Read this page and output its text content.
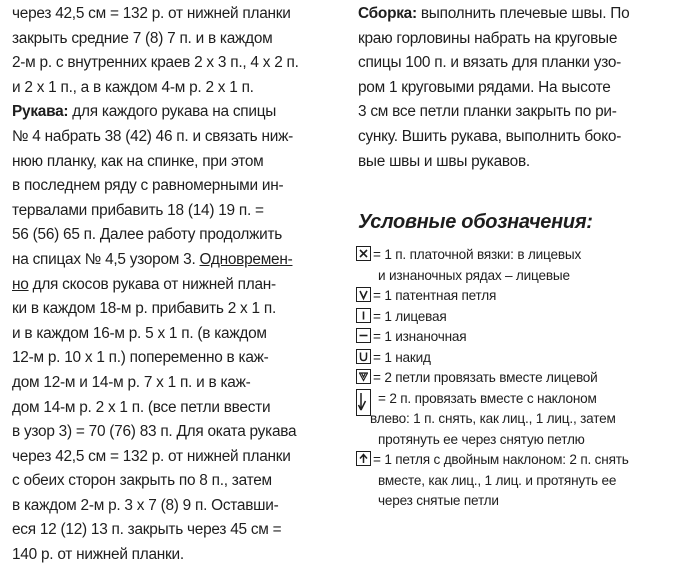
через 42,5 см = 132 р. от нижней планки
закрыть средние 7 (8) 7 п. и в каждом
2-м р. с внутренних краев 2 х 3 п., 4 х 2 п.
и 2 х 1 п., а в каждом 4-м р. 2 х 1 п.
Рукава: для каждого рукава на спицы
№ 4 набрать 38 (42) 46 п. и связать ниж-
нюю планку, как на спинке, при этом
в последнем ряду с равномерными ин-
тервалами прибавить 18 (14) 19 п. =
56 (56) 65 п. Далее работу продолжить
на спицах № 4,5 узором 3. Одновремен-
но для скосов рукава от нижней план-
ки в каждом 18-м р. прибавить 2 х 1 п.
и в каждом 16-м р. 5 х 1 п. (в каждом
12-м р. 10 х 1 п.) попеременно в каж-
дом 12-м и 14-м р. 7 х 1 п. и в каж-
дом 14-м р. 2 х 1 п. (все петли ввести
в узор 3) = 70 (76) 83 п. Для оката рукава
через 42,5 см = 132 р. от нижней планки
с обеих сторон закрыть по 8 п., затем
в каждом 2-м р. 3 х 7 (8) 9 п. Оставши-
еся 12 (12) 13 п. закрыть через 45 см =
140 р. от нижней планки.
Сборка: выполнить плечевые швы. По
краю горловины набрать на круговые
спицы 100 п. и вязать для планки узо-
ром 1 круговыми рядами. На высоте
3 см все петли планки закрыть по ри-
сунку. Вшить рукава, выполнить боко-
вые швы и швы рукавов.
Условные обозначения:
= 1 п. платочной вязки: в лицевых
и изнаночных рядах – лицевые
= 1 патентная петля
= 1 лицевая
= 1 изнаночная
= 1 накид
= 2 петли провязать вместе лицевой
= 2 п. провязать вместе с наклоном
влево: 1 п. снять, как лиц., 1 лиц., затем
протянуть ее через снятую петлю
= 1 петля с двойным наклоном: 2 п. снять
вместе, как лиц., 1 лиц. и протянуть ее
через снятые петли
